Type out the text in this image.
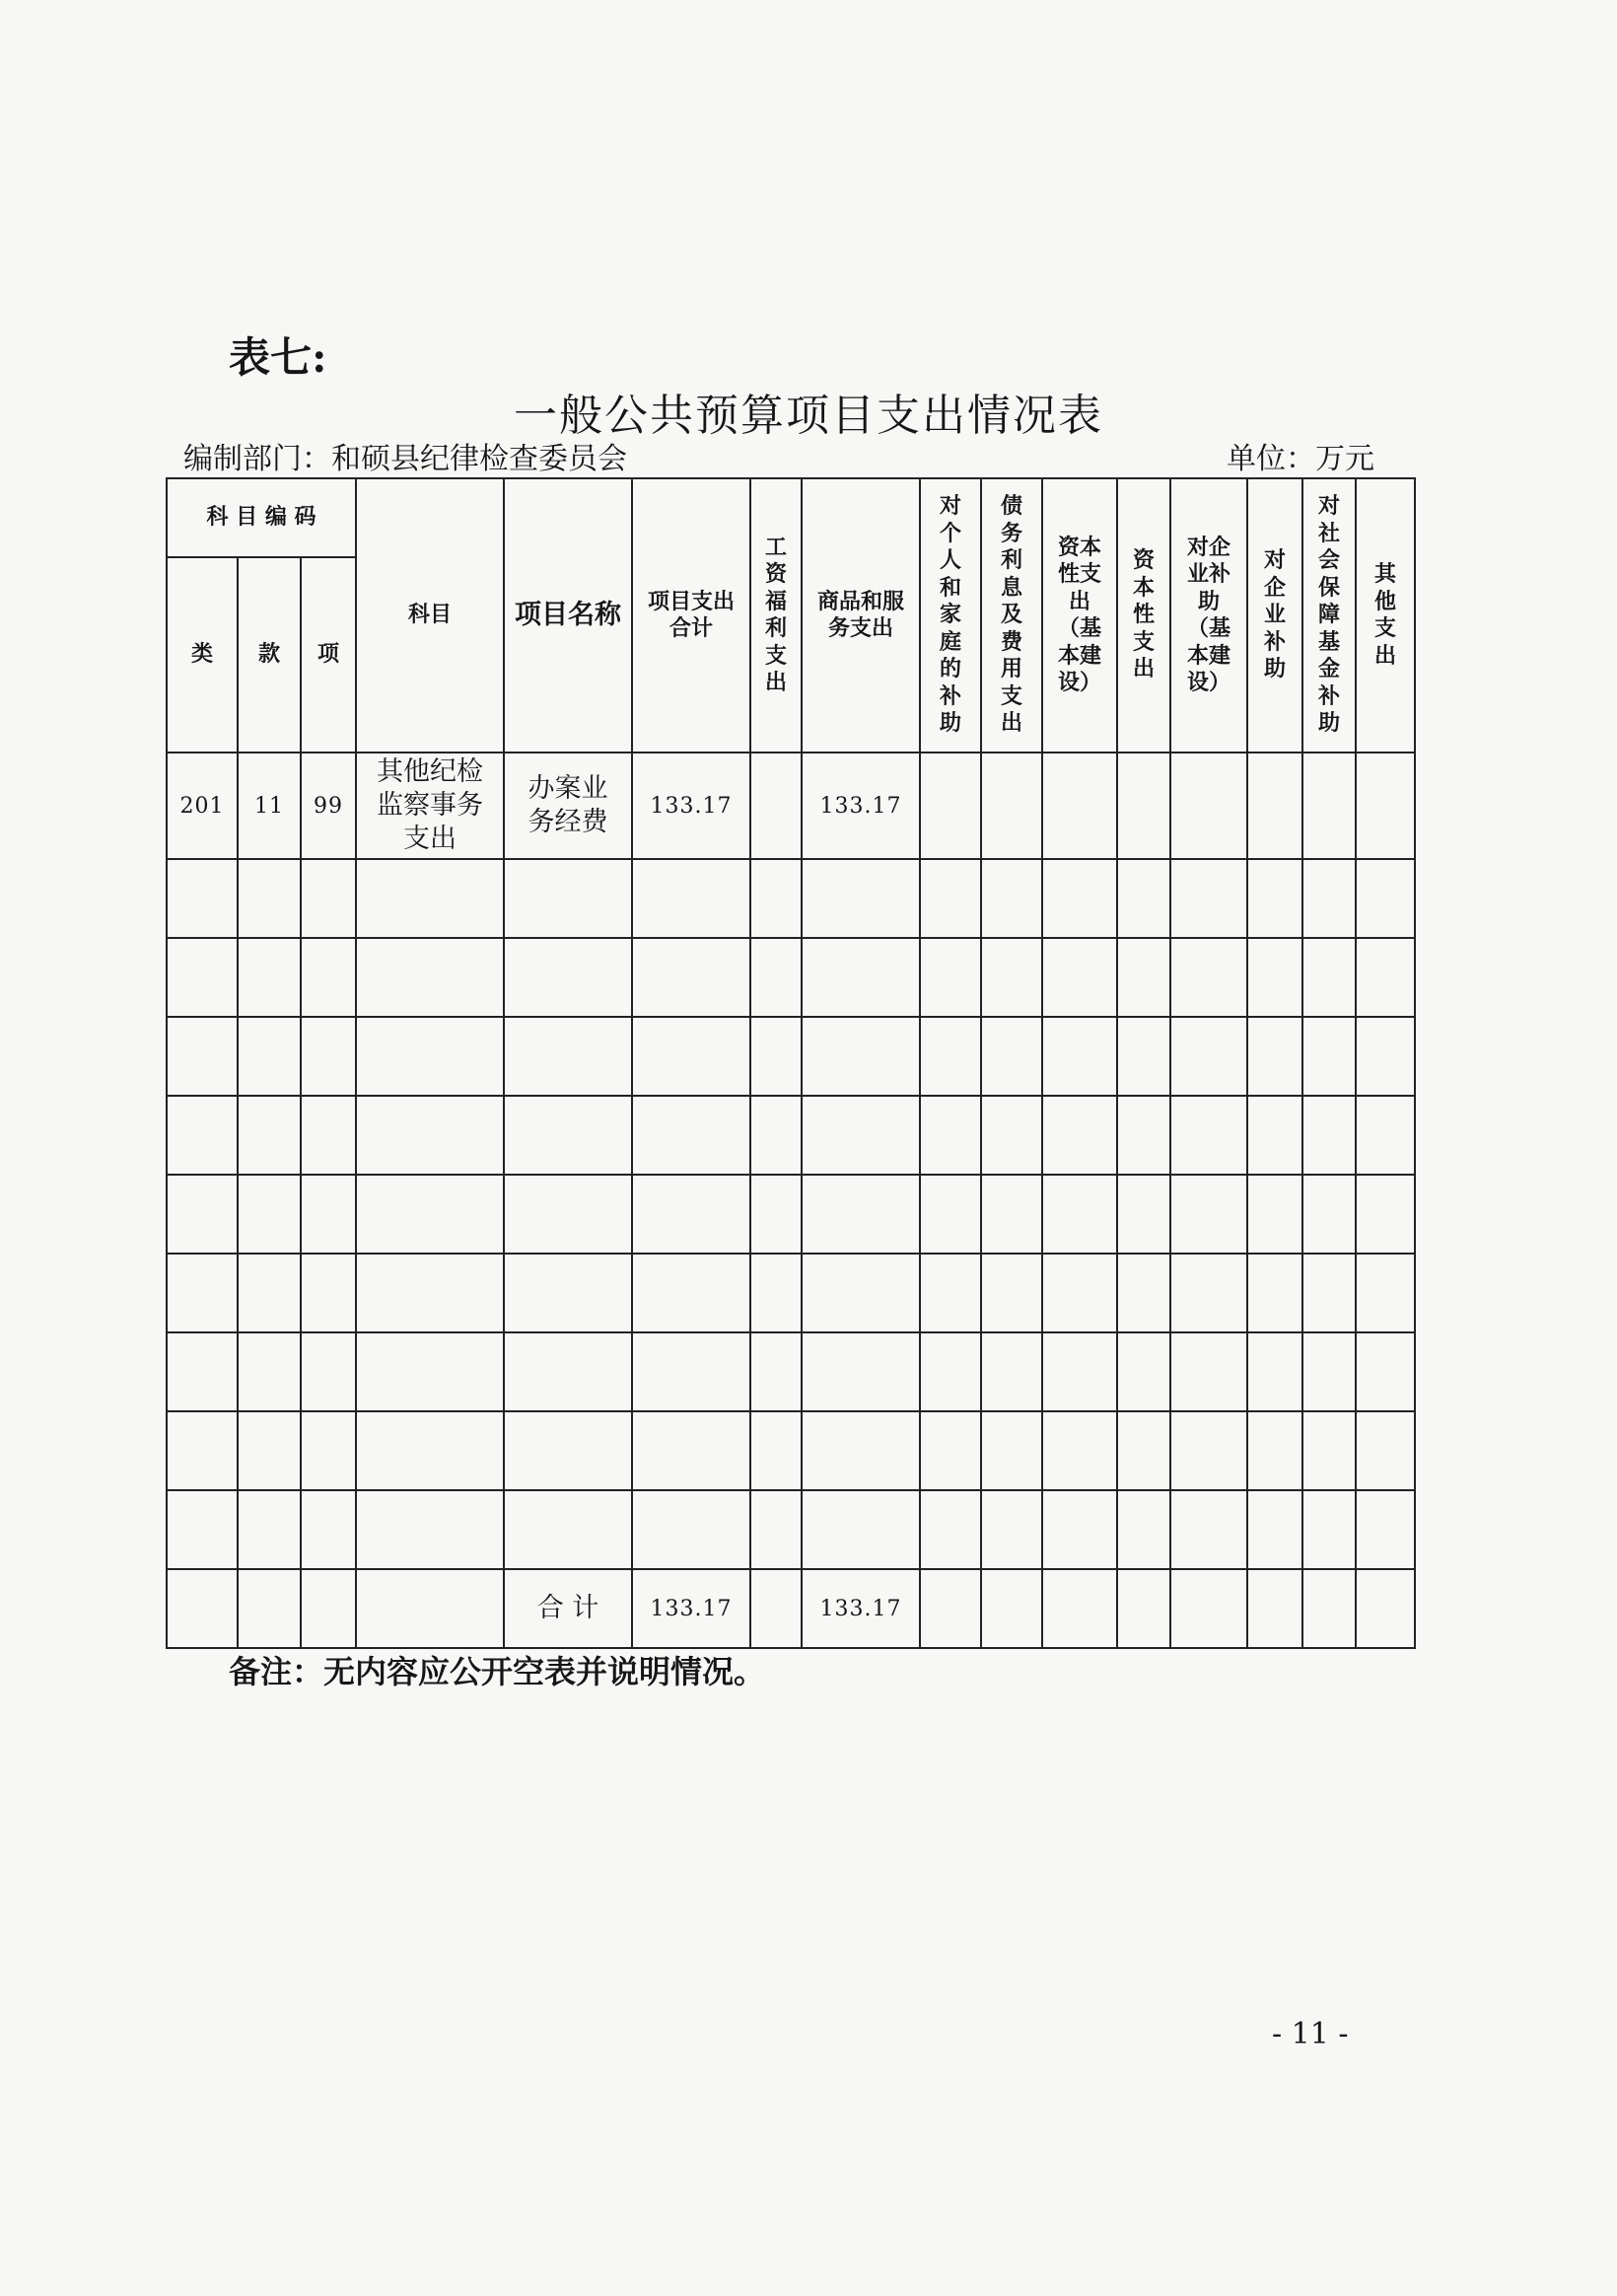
表七:
一般公共预算项目支出情况表
编制部门：和硕县纪律检查委员会	单位：万元
科 目 编 码			科目	项目名称	项目支出合计	工资福利支出	商品和服务支出	对个人和家庭的补助	债务利息及费用支出	资本性支出（基本建设）	资本性支出	对企业补助（基本建设）	对企业补助	对社会保障基金补助	其他支出
类	款	项													
201	11	99	其他纪检监察事务支出	办案业务经费	133.17		133.17								

				合 计	133.17		133.17								
备注：无内容应公开空表并说明情况。
- 11 -
